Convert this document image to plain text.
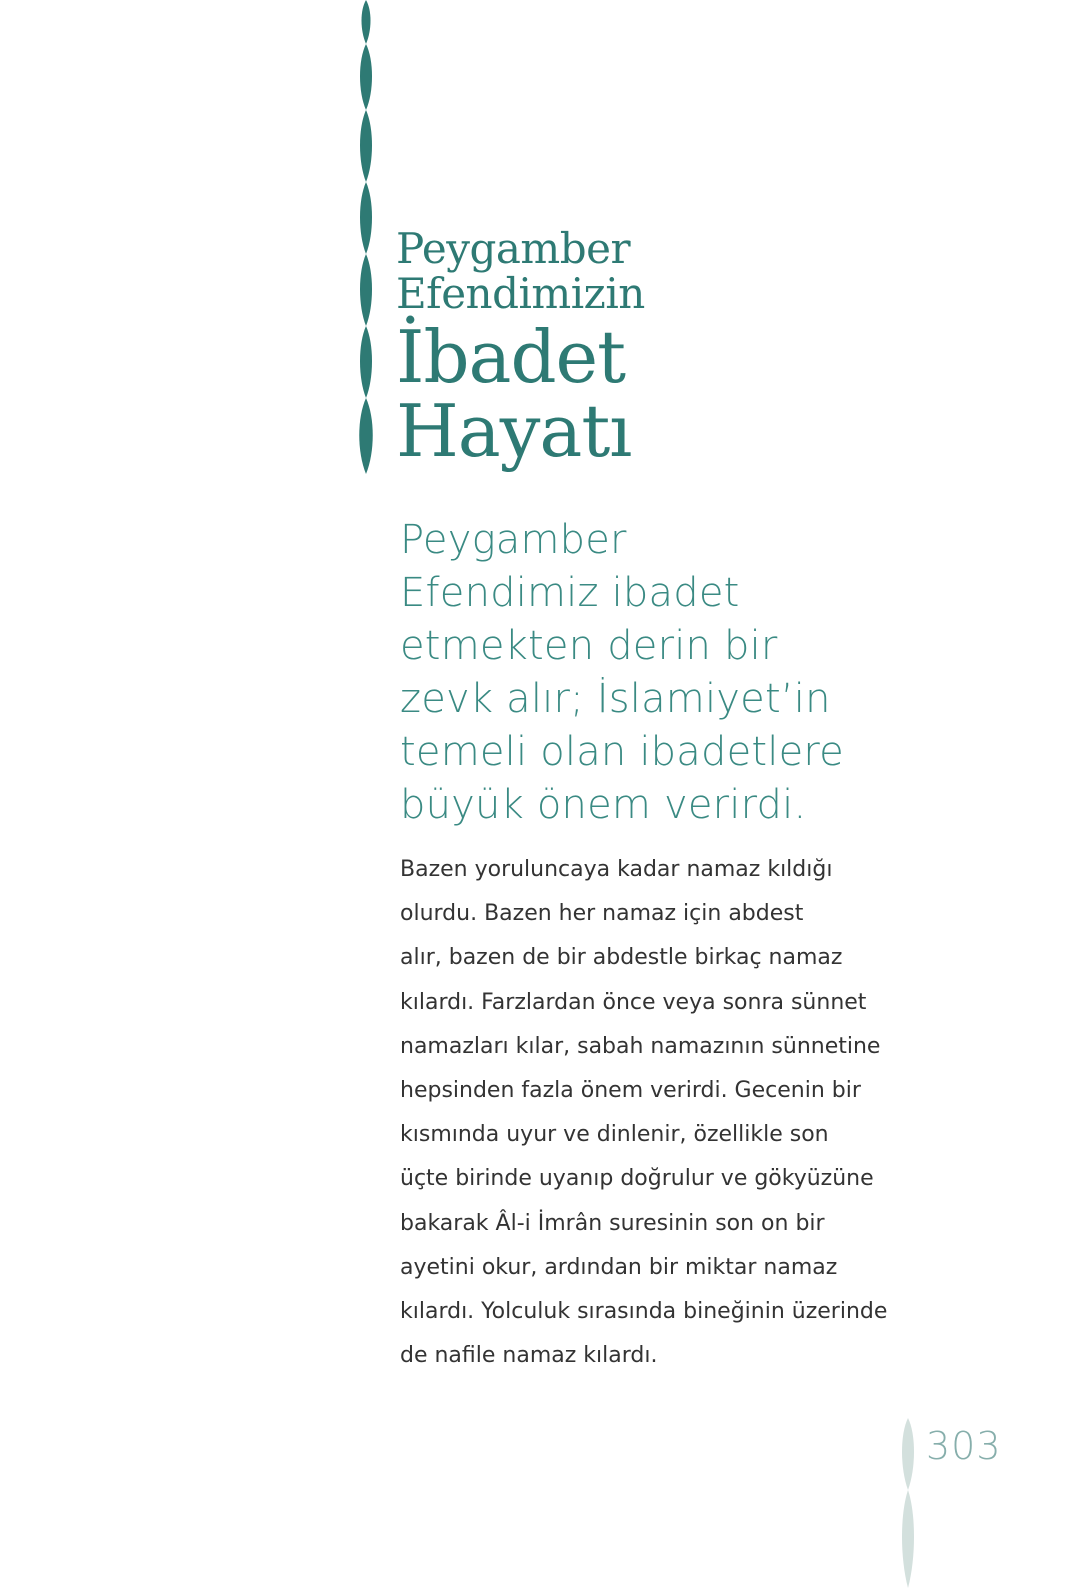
Peygamber
Efendimizin
İbadet
Hayatı

Peygamber
Efendimiz ibadet
etmekten derin bir
zevk alır; İslamiyet’in
temeli olan ibadetlere
büyük önem verirdi.

Bazen yoruluncaya kadar namaz kıldığı
olurdu. Bazen her namaz için abdest
alır, bazen de bir abdestle birkaç namaz
kılardı. Farzlardan önce veya sonra sünnet
namazları kılar, sabah namazının sünnetine
hepsinden fazla önem verirdi. Gecenin bir
kısmında uyur ve dinlenir, özellikle son
üçte birinde uyanıp doğrulur ve gökyüzüne
bakarak Âl-i İmrân suresinin son on bir
ayetini okur, ardından bir miktar namaz
kılardı. Yolculuk sırasında bineğinin üzerinde
de nafile namaz kılardı.

303
